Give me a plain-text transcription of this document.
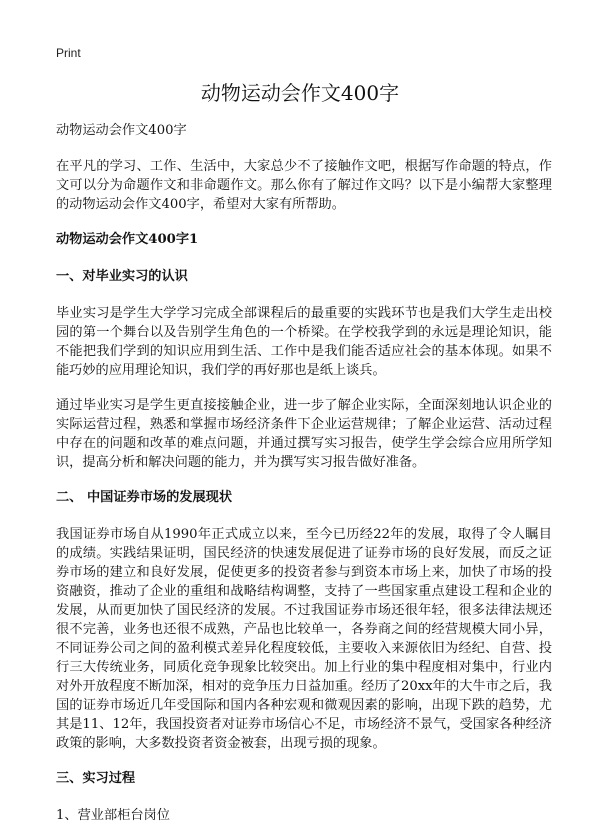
Print
动物运动会作文400字

动物运动会作文400字

在平凡的学习、工作、生活中，大家总少不了接触作文吧，根据写作命题的特点，作文可以分为命题作文和非命题作文。那么你有了解过作文吗？以下是小编帮大家整理的动物运动会作文400字，希望对大家有所帮助。

动物运动会作文400字1

一、对毕业实习的认识

毕业实习是学生大学学习完成全部课程后的最重要的实践环节也是我们大学生走出校园的第一个舞台以及告别学生角色的一个桥梁。在学校我学到的永远是理论知识，能不能把我们学到的知识应用到生活、工作中是我们能否适应社会的基本体现。如果不能巧妙的应用理论知识，我们学的再好那也是纸上谈兵。

通过毕业实习是学生更直接接触企业，进一步了解企业实际，全面深刻地认识企业的实际运营过程，熟悉和掌握市场经济条件下企业运营规律；了解企业运营、活动过程中存在的问题和改革的难点问题，并通过撰写实习报告，使学生学会综合应用所学知识，提高分析和解决问题的能力，并为撰写实习报告做好准备。

二、 中国证券市场的发展现状

我国证券市场自从1990年正式成立以来，至今已历经22年的发展，取得了令人瞩目的成绩。实践结果证明，国民经济的快速发展促进了证券市场的良好发展，而反之证券市场的建立和良好发展，促使更多的投资者参与到资本市场上来，加快了市场的投资融资，推动了企业的重组和战略结构调整，支持了一些国家重点建设工程和企业的发展，从而更加快了国民经济的发展。不过我国证券市场还很年轻，很多法律法规还很不完善，业务也还很不成熟，产品也比较单一，各券商之间的经营规模大同小异，不同证券公司之间的盈利模式差异化程度较低，主要收入来源依旧为经纪、自营、投行三大传统业务，同质化竞争现象比较突出。加上行业的集中程度相对集中，行业内对外开放程度不断加深，相对的竞争压力日益加重。经历了20xx年的大牛市之后，我国的证券市场近几年受国际和国内各种宏观和微观因素的影响，出现下跌的趋势，尤其是11、12年，我国投资者对证券市场信心不足，市场经济不景气，受国家各种经济政策的影响，大多数投资者资金被套，出现亏损的现象。

三、实习过程

1、营业部柜台岗位
